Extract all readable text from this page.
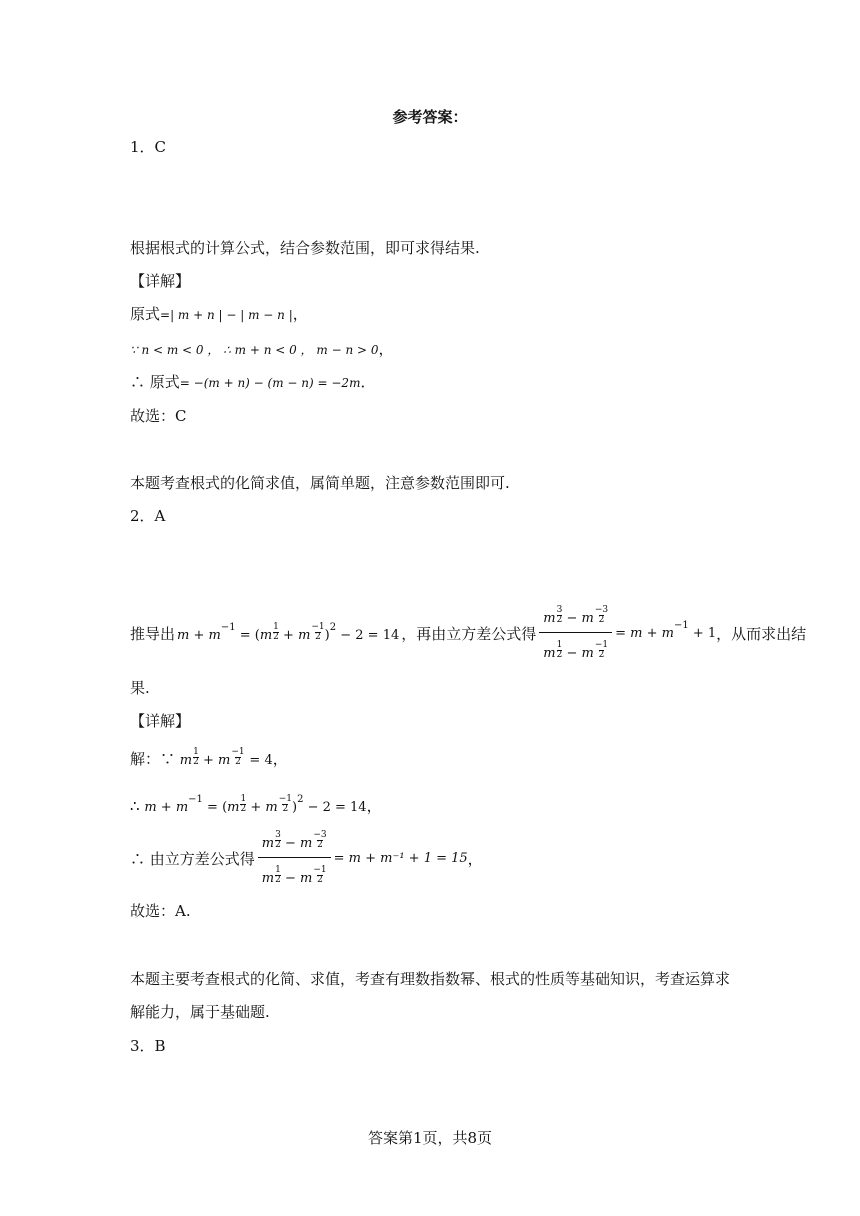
参考答案：
1．C
根据根式的计算公式，结合参数范围，即可求得结果.
【详解】
原式=| m + n | − | m − n |，
∵ n < m < 0 ， ∴ m + n < 0 ， m − n > 0，
∴ 原式= −(m + n) − (m − n) = −2m．
故选：C
本题考查根式的化简求值，属简单题，注意参数范围即可.
2．A
推导出 $m + m^{-1} = (m \frac{1}{2} + m \frac{-1}{2} )^2 - 2 = 14$ ，再由立方差公式得 $\frac{m \frac{3}{2} - m \frac{-3}{2}}{m \frac{1}{2} - m \frac{-1}{2}} = m + m^{-1} + 1$ ，从而求出结
果.
【详解】
解：∵ m $\frac{1}{2} + m \frac{-1}{2} = 4$，
∴ $m + m^{-1} = (m \frac{1}{2} + m \frac{-1}{2} )^2 - 2 = 14$，
∴ 由立方差公式得 $\frac{m \frac{3}{2} - m \frac{-3}{2}}{m \frac{1}{2} - m \frac{-1}{2}} = m + m^{-1} + 1 = 15$ ，
故选：A.
本题主要考查根式的化简、求值，考查有理数指数幂、根式的性质等基础知识，考查运算求
解能力，属于基础题.
3．B
答案第1页，共8页
